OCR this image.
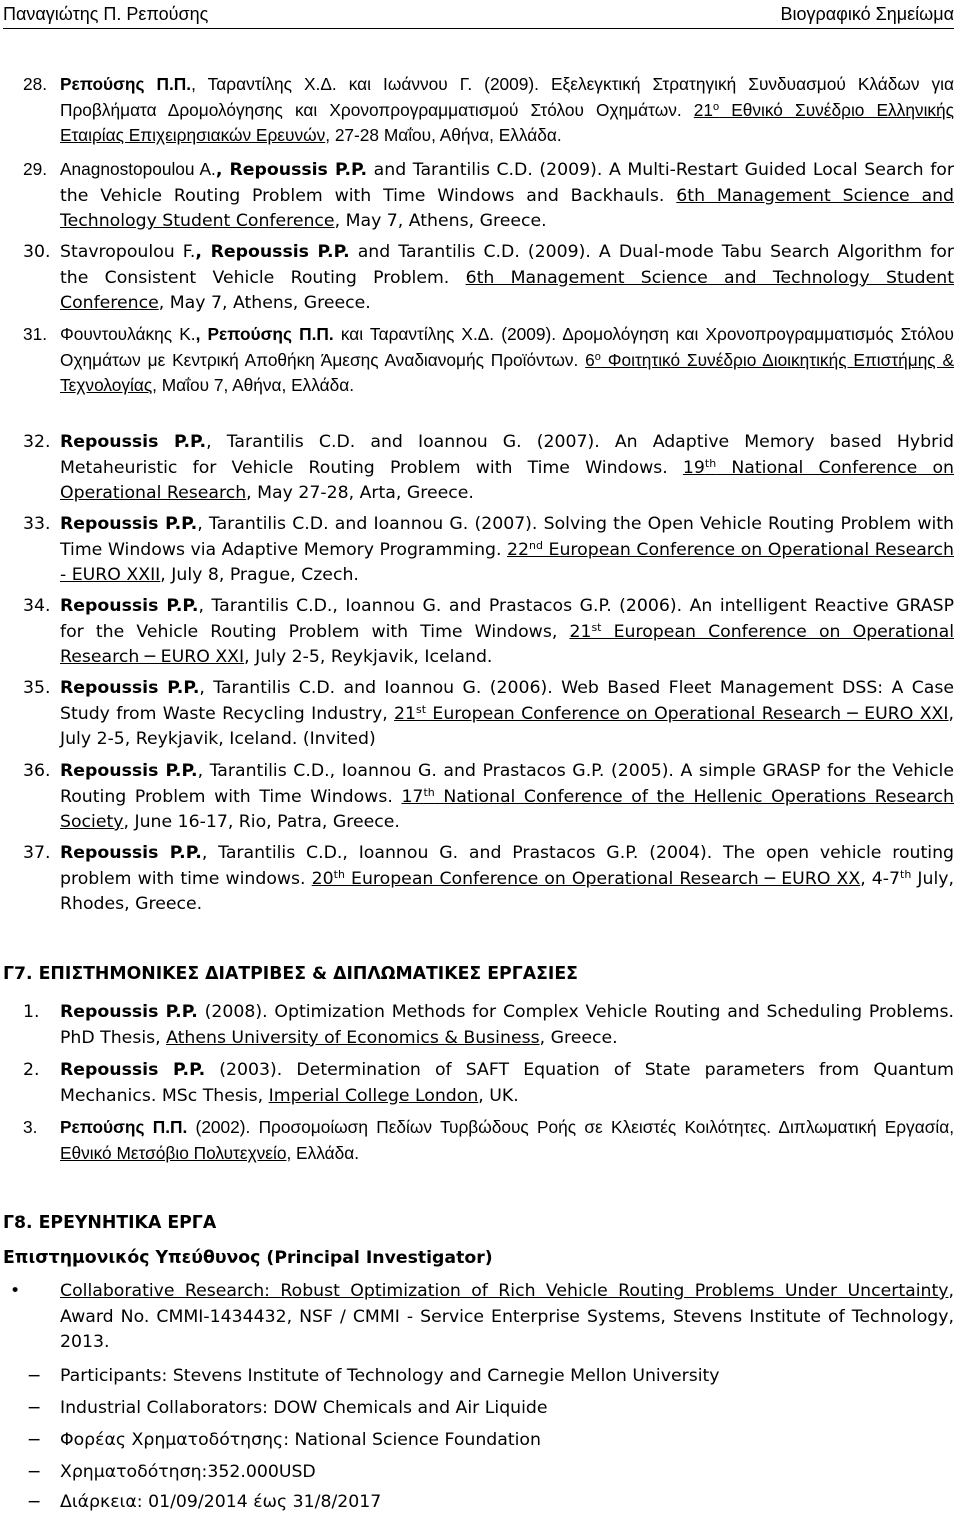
Παναγιώτης Π. Ρεπούσης	Βιογραφικό Σημείωμα
28. Ρεπούσης Π.Π., Ταραντίλης Χ.Δ. και Ιωάννου Γ. (2009). Εξελεγκτική Στρατηγική Συνδυασμού Κλάδων για Προβλήματα Δρομολόγησης και Χρονοπρογραμματισμού Στόλου Οχημάτων. $21^o$ Εθνικό Συνέδριο Ελληνικής Εταιρίας Επιχειρησιακών Ερευνών, 27-28 Μαΐου, Αθήνα, Ελλάδα.
29. Anagnostopoulou A., Repoussis P.P. and Tarantilis C.D. (2009). A Multi-Restart Guided Local Search for the Vehicle Routing Problem with Time Windows and Backhauls. 6th Management Science and Technology Student Conference, May 7, Athens, Greece.
30. Stavropoulou F., Repoussis P.P. and Tarantilis C.D. (2009). A Dual-mode Tabu Search Algorithm for the Consistent Vehicle Routing Problem. 6th Management Science and Technology Student Conference, May 7, Athens, Greece.
31. Φουντουλάκης Κ., Ρεπούσης Π.Π. και Ταραντίλης Χ.Δ. (2009). Δρομολόγηση και Χρονοπρογραμματισμός Στόλου Οχημάτων με Κεντρική Αποθήκη Άμεσης Αναδιανομής Προϊόντων. $6^o$ Φοιτητικό Συνέδριο Διοικητικής Επιστήμης & Τεχνολογίας, Μαΐου 7, Αθήνα, Ελλάδα.
32. Repoussis P.P., Tarantilis C.D. and Ioannou G. (2007). An Adaptive Memory based Hybrid Metaheuristic for Vehicle Routing Problem with Time Windows. 19th National Conference on Operational Research, May 27-28, Arta, Greece.
33. Repoussis P.P., Tarantilis C.D. and Ioannou G. (2007). Solving the Open Vehicle Routing Problem with Time Windows via Adaptive Memory Programming. 22nd European Conference on Operational Research - EURO XXII, July 8, Prague, Czech.
34. Repoussis P.P., Tarantilis C.D., Ioannou G. and Prastacos G.P. (2006). An intelligent Reactive GRASP for the Vehicle Routing Problem with Time Windows, 21st European Conference on Operational Research ─ EURO XXI, July 2-5, Reykjavik, Iceland.
35. Repoussis P.P., Tarantilis C.D. and Ioannou G. (2006). Web Based Fleet Management DSS: A Case Study from Waste Recycling Industry, 21st European Conference on Operational Research ─ EURO XXI, July 2-5, Reykjavik, Iceland. (Invited)
36. Repoussis P.P., Tarantilis C.D., Ioannou G. and Prastacos G.P. (2005). A simple GRASP for the Vehicle Routing Problem with Time Windows. 17th National Conference of the Hellenic Operations Research Society, June 16-17, Rio, Patra, Greece.
37. Repoussis P.P., Tarantilis C.D., Ioannou G. and Prastacos G.P. (2004). The open vehicle routing problem with time windows. 20th European Conference on Operational Research ─ EURO XX, 4-7th July, Rhodes, Greece.
Γ7. ΕΠΙΣΤΗΜΟΝΙΚΕΣ ΔΙΑΤΡΙΒΕΣ & ΔΙΠΛΩΜΑΤΙΚΕΣ ΕΡΓΑΣΙΕΣ
1. Repoussis P.P. (2008). Optimization Methods for Complex Vehicle Routing and Scheduling Problems. PhD Thesis, Athens University of Economics & Business, Greece.
2. Repoussis P.P. (2003). Determination of SAFT Equation of State parameters from Quantum Mechanics. MSc Thesis, Imperial College London, UK.
3. Ρεπούσης Π.Π. (2002). Προσομοίωση Πεδίων Τυρβώδους Ροής σε Κλειστές Κοιλότητες. Διπλωματική Εργασία, Εθνικό Μετσόβιο Πολυτεχνείο, Ελλάδα.
Γ8. ΕΡΕΥΝΗΤΙΚΑ ΕΡΓΑ
Επιστημονικός Υπεύθυνος (Principal Investigator)
• Collaborative Research: Robust Optimization of Rich Vehicle Routing Problems Under Uncertainty, Award No. CMMI-1434432, NSF / CMMI - Service Enterprise Systems, Stevens Institute of Technology, 2013.
− Participants: Stevens Institute of Technology and Carnegie Mellon University
− Industrial Collaborators: DOW Chemicals and Air Liquide
− Φορέας Χρηματοδότησης: National Science Foundation
− Χρηματοδότηση:352.000USD
− Διάρκεια: 01/09/2014 έως 31/8/2017
